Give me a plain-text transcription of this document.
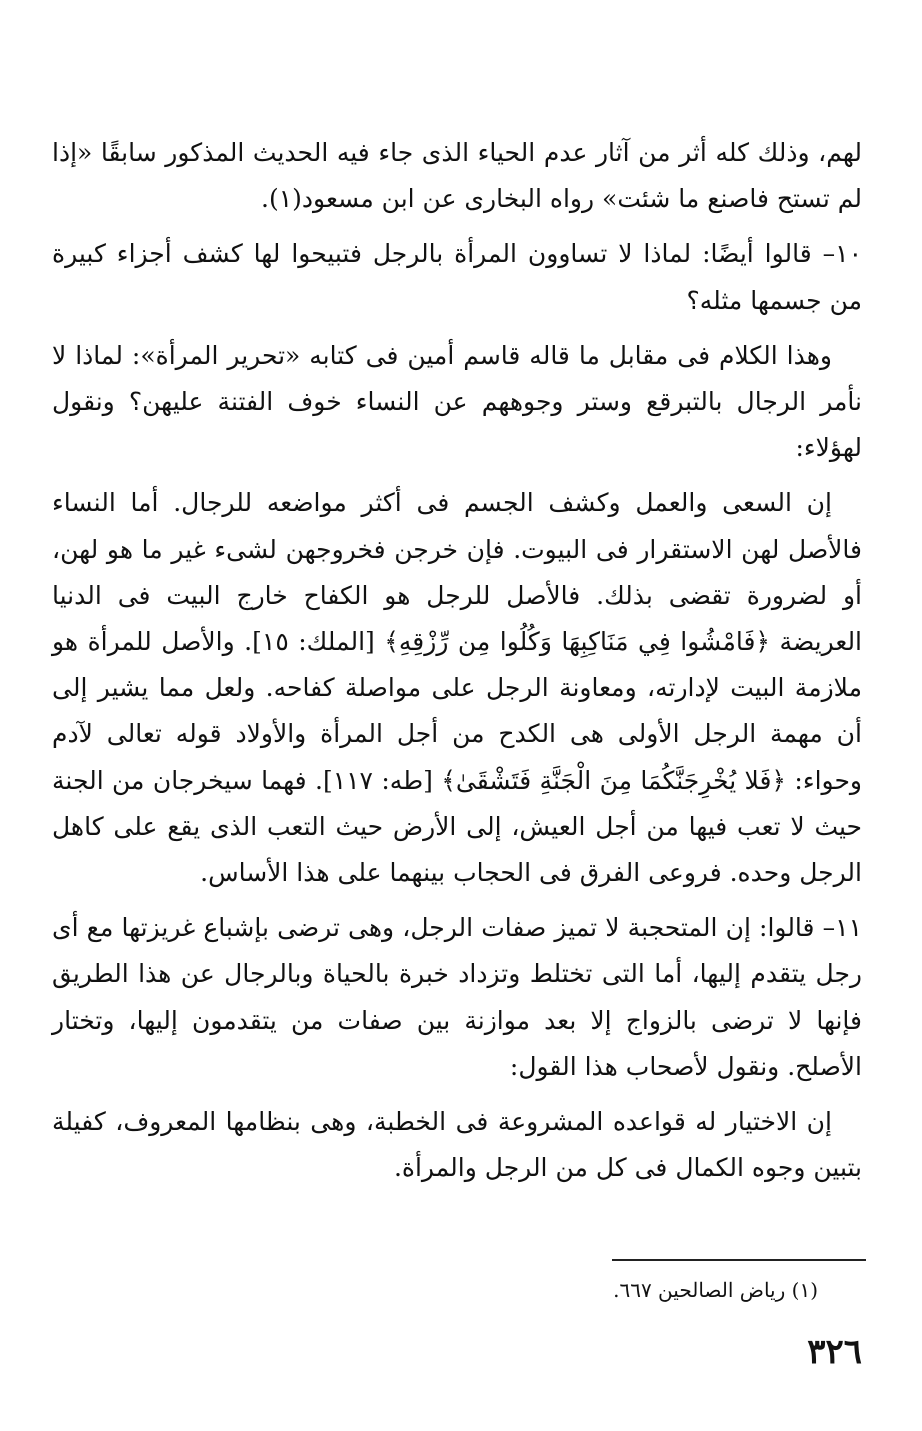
لهم، وذلك كله أثر من آثار عدم الحياء الذى جاء فيه الحديث المذكور سابقًا «إذا لم تستح فاصنع ما شئت» رواه البخارى عن ابن مسعود(١).

١٠– قالوا أيضًا: لماذا لا تساوون المرأة بالرجل فتبيحوا لها كشف أجزاء كبيرة من جسمها مثله؟

وهذا الكلام فى مقابل ما قاله قاسم أمين فى كتابه «تحرير المرأة»: لماذا لا نأمر الرجال بالتبرقع وستر وجوههم عن النساء خوف الفتنة عليهن؟ ونقول لهؤلاء:

إن السعى والعمل وكشف الجسم فى أكثر مواضعه للرجال. أما النساء فالأصل لهن الاستقرار فى البيوت. فإن خرجن فخروجهن لشىء غير ما هو لهن، أو لضرورة تقضى بذلك. فالأصل للرجل هو الكفاح خارج البيت فى الدنيا العريضة ﴿فَامْشُوا فِي مَنَاكِبِهَا وَكُلُوا مِن رِّزْقِهِ﴾ [الملك: ١٥]. والأصل للمرأة هو ملازمة البيت لإدارته، ومعاونة الرجل على مواصلة كفاحه. ولعل مما يشير إلى أن مهمة الرجل الأولى هى الكدح من أجل المرأة والأولاد قوله تعالى لآدم وحواء: ﴿فَلا يُخْرِجَنَّكُمَا مِنَ الْجَنَّةِ فَتَشْقَىٰ﴾ [طه: ١١٧]. فهما سيخرجان من الجنة حيث لا تعب فيها من أجل العيش، إلى الأرض حيث التعب الذى يقع على كاهل الرجل وحده. فروعى الفرق فى الحجاب بينهما على هذا الأساس.

١١– قالوا: إن المتحجبة لا تميز صفات الرجل، وهى ترضى بإشباع غريزتها مع أى رجل يتقدم إليها، أما التى تختلط وتزداد خبرة بالحياة وبالرجال عن هذا الطريق فإنها لا ترضى بالزواج إلا بعد موازنة بين صفات من يتقدمون إليها، وتختار الأصلح. ونقول لأصحاب هذا القول:

إن الاختيار له قواعده المشروعة فى الخطبة، وهى بنظامها المعروف، كفيلة بتبين وجوه الكمال فى كل من الرجل والمرأة.

(١) رياض الصالحين ٦٦٧.
٣٢٦
